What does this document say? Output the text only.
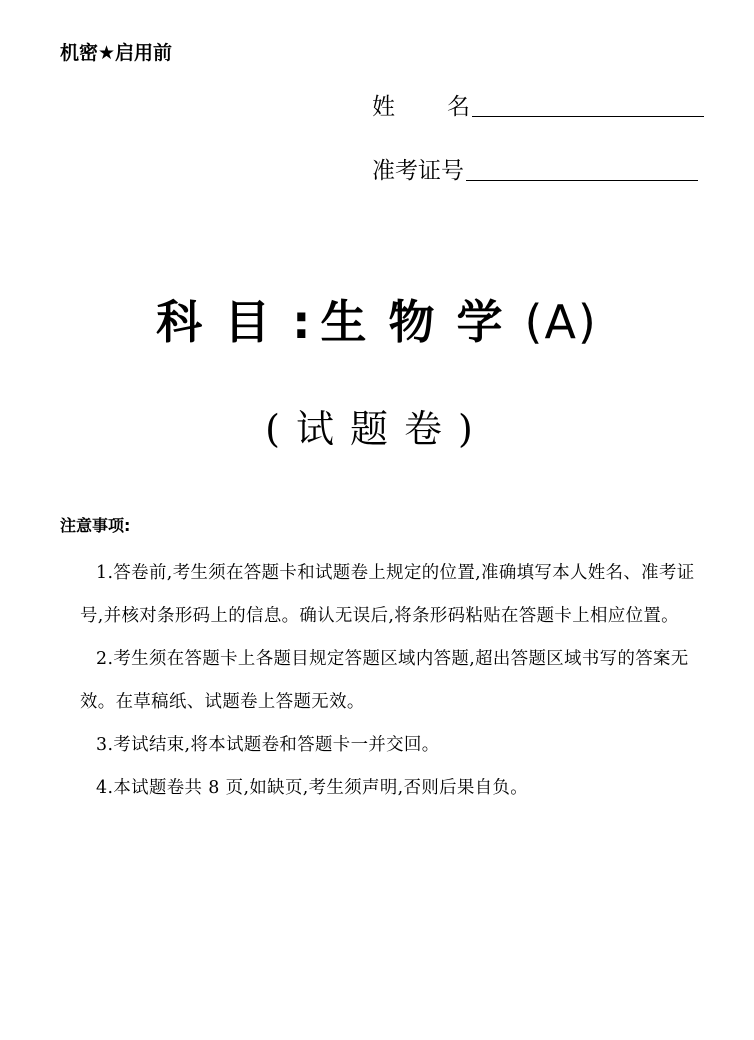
机密★启用前
姓名
准考证号
科目:生物学(A)
(试题卷)
注意事项:

1.答卷前,考生须在答题卡和试题卷上规定的位置,准确填写本人姓名、准考证号,并核对条形码上的信息。确认无误后,将条形码粘贴在答题卡上相应位置。

2.考生须在答题卡上各题目规定答题区域内答题,超出答题区域书写的答案无效。在草稿纸、试题卷上答题无效。

3.考试结束,将本试题卷和答题卡一并交回。

4.本试题卷共 8 页,如缺页,考生须声明,否则后果自负。
